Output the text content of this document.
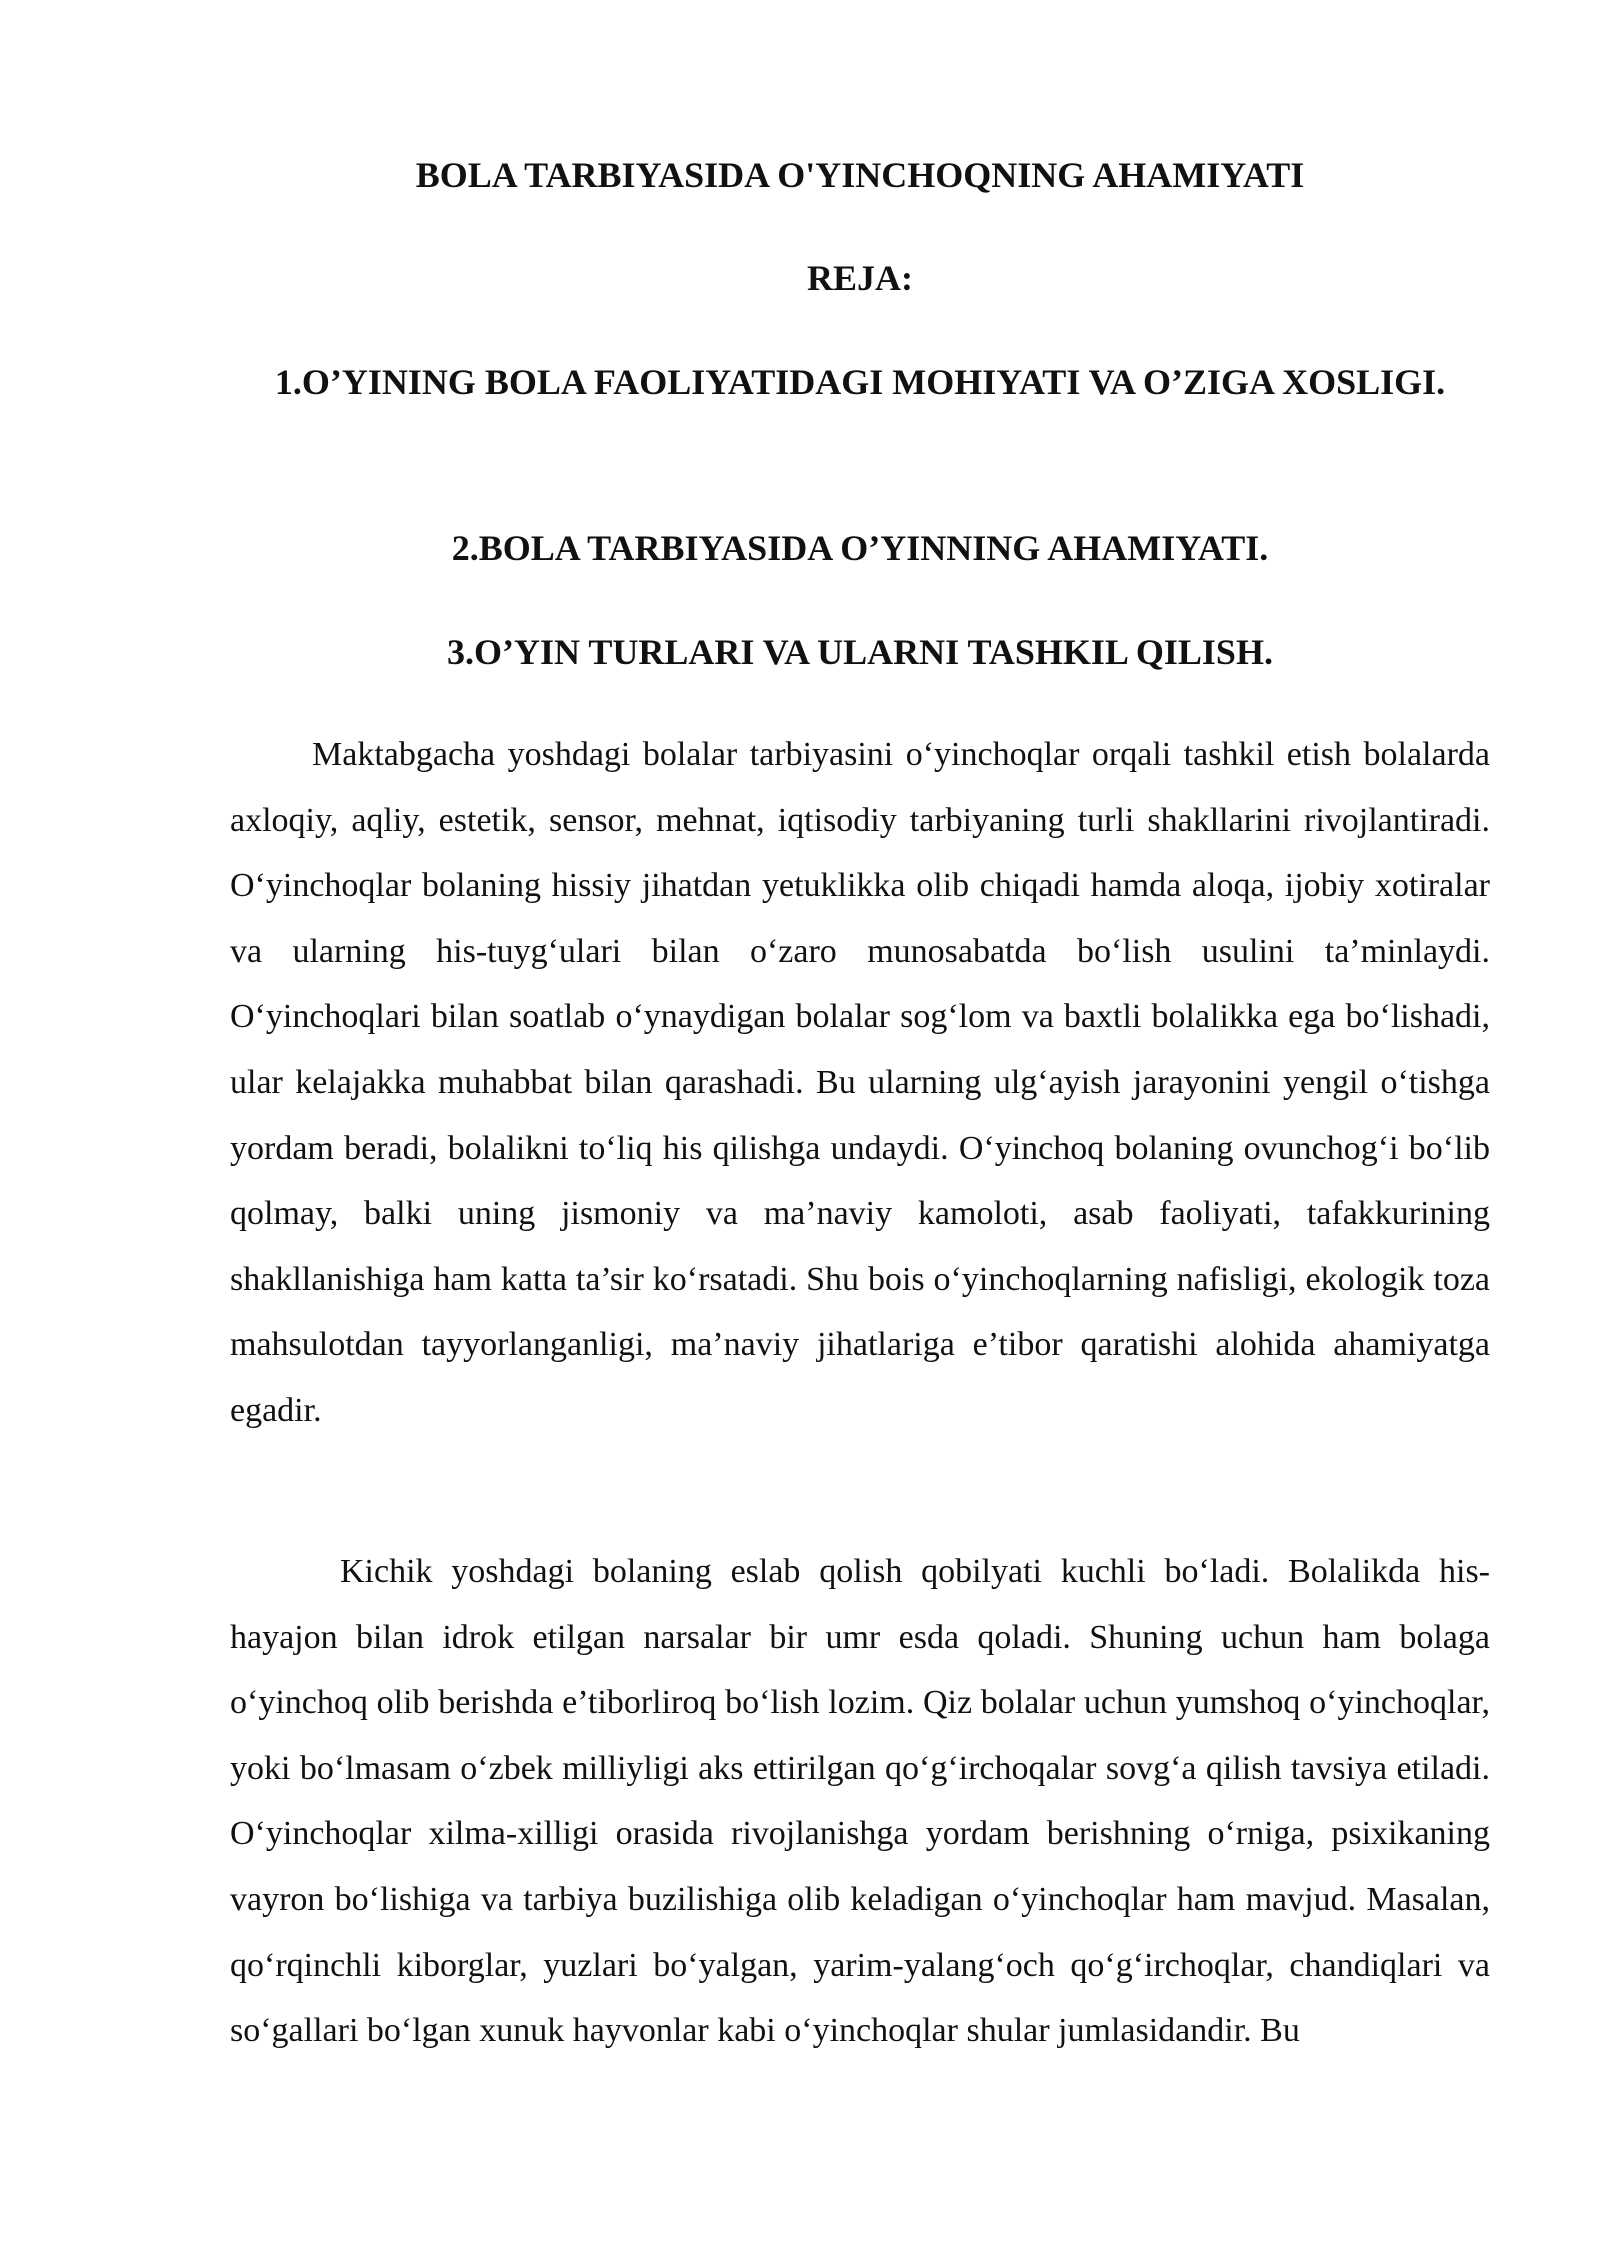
BOLA TARBIYASIDA O'YINCHOQNING AHAMIYATI
REJA:
1.O’YINING BOLA FAOLIYATIDAGI MOHIYATI VA O’ZIGA XOSLIGI.
2.BOLA TARBIYASIDA O’YINNING AHAMIYATI.
3.O’YIN TURLARI VA ULARNI TASHKIL QILISH.

Maktabgacha yoshdagi bolalar tarbiyasini o‘yinchoqlar orqali tashkil etish bolalarda axloqiy, aqliy, estetik, sensor, mehnat, iqtisodiy tarbiyaning turli shakllarini rivojlantiradi. O‘yinchoqlar bolaning hissiy jihatdan yetuklikka olib chiqadi hamda aloqa, ijobiy xotiralar va ularning his-tuyg‘ulari bilan o‘zaro munosabatda bo‘lish usulini ta’minlaydi. O‘yinchoqlari bilan soatlab o‘ynaydigan bolalar sog‘lom va baxtli bolalikka ega bo‘lishadi, ular kelajakka muhabbat bilan qarashadi. Bu ularning ulg‘ayish jarayonini yengil o‘tishga yordam beradi, bolalikni to‘liq his qilishga undaydi. O‘yinchoq bolaning ovunchog‘i bo‘lib qolmay, balki uning jismoniy va ma’naviy kamoloti, asab faoliyati, tafakkurining shakllanishiga ham katta ta’sir ko‘rsatadi. Shu bois o‘yinchoqlarning nafisligi, ekologik toza mahsulotdan tayyorlanganligi, ma’naviy jihatlariga e’tibor qaratishi alohida ahamiyatga egadir.

Kichik yoshdagi bolaning eslab qolish qobilyati kuchli bo‘ladi. Bolalikda his-hayajon bilan idrok etilgan narsalar bir umr esda qoladi. Shuning uchun ham bolaga o‘yinchoq olib berishda e’tiborliroq bo‘lish lozim. Qiz bolalar uchun yumshoq o‘yinchoqlar, yoki bo‘lmasam o‘zbek milliyligi aks ettirilgan qo‘g‘irchoqalar sovg‘a qilish tavsiya etiladi. O‘yinchoqlar xilma-xilligi orasida rivojlanishga yordam berishning o‘rniga, psixikaning vayron bo‘lishiga va tarbiya buzilishiga olib keladigan o‘yinchoqlar ham mavjud. Masalan, qo‘rqinchli kiborglar, yuzlari bo‘yalgan, yarim-yalang‘och qo‘g‘irchoqlar, chandiqlari va so‘gallari bo‘lgan xunuk hayvonlar kabi o‘yinchoqlar shular jumlasidandir. Bu
